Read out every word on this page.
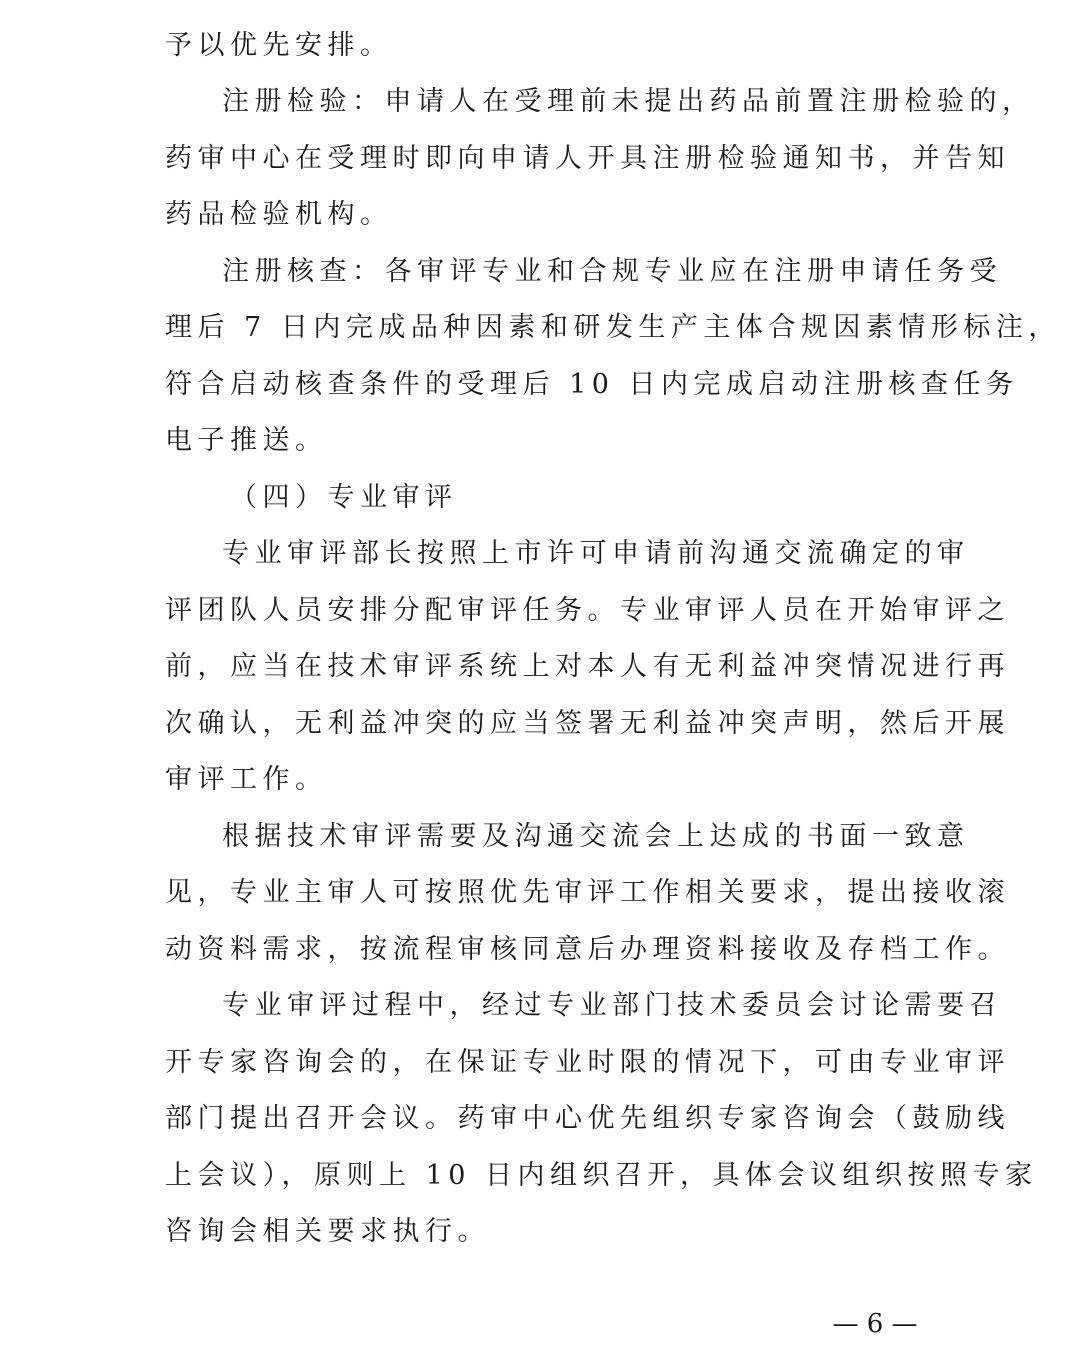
予以优先安排。
注册检验：申请人在受理前未提出药品前置注册检验的，
药审中心在受理时即向申请人开具注册检验通知书，并告知
药品检验机构。
注册核查：各审评专业和合规专业应在注册申请任务受
理后 7 日内完成品种因素和研发生产主体合规因素情形标注，
符合启动核查条件的受理后 10 日内完成启动注册核查任务
电子推送。
（四）专业审评
专业审评部长按照上市许可申请前沟通交流确定的审
评团队人员安排分配审评任务。专业审评人员在开始审评之
前，应当在技术审评系统上对本人有无利益冲突情况进行再
次确认，无利益冲突的应当签署无利益冲突声明，然后开展
审评工作。
根据技术审评需要及沟通交流会上达成的书面一致意
见，专业主审人可按照优先审评工作相关要求，提出接收滚
动资料需求，按流程审核同意后办理资料接收及存档工作。
专业审评过程中，经过专业部门技术委员会讨论需要召
开专家咨询会的，在保证专业时限的情况下，可由专业审评
部门提出召开会议。药审中心优先组织专家咨询会（鼓励线
上会议），原则上 10 日内组织召开，具体会议组织按照专家
咨询会相关要求执行。
— 6 —
